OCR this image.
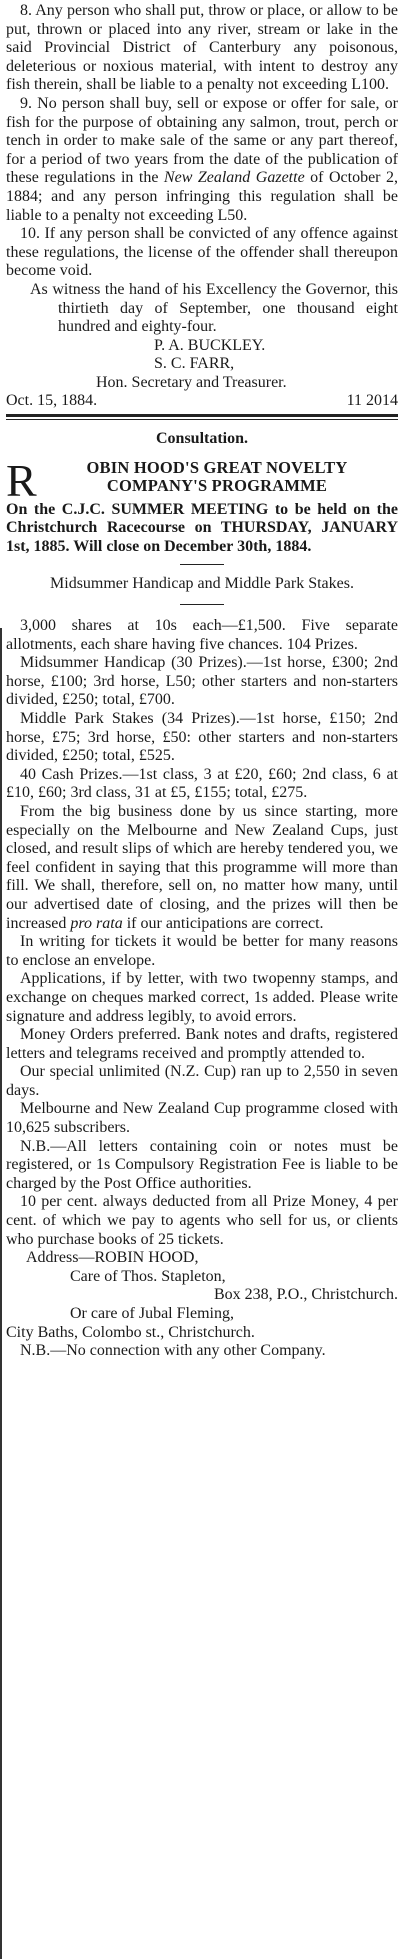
8. Any person who shall put, throw or place, or allow to be put, thrown or placed into any river, stream or lake in the said Provincial District of Canterbury any poisonous, deleterious or noxious material, with intent to destroy any fish therein, shall be liable to a penalty not exceeding L100.

9. No person shall buy, sell or expose or offer for sale, or fish for the purpose of obtaining any salmon, trout, perch or tench in order to make sale of the same or any part thereof, for a period of two years from the date of the publication of these regulations in the New Zealand Gazette of October 2, 1884; and any person infringing this regulation shall be liable to a penalty not exceeding L50.

10. If any person shall be convicted of any offence against these regulations, the license of the offender shall thereupon become void.

As witness the hand of his Excellency the Governor, this thirtieth day of September, one thousand eight hundred and eighty-four.

P. A. BUCKLEY.

S. C. FARR,

Hon. Secretary and Treasurer.

Oct. 15, 1884.	11 2014

Consultation.

R	OBIN HOOD'S GREAT NOVELTY COMPANY'S PROGRAMME

On the C.J.C. SUMMER MEETING to be held on the Christchurch Racecourse on THURSDAY, JANUARY 1st, 1885. Will close on December 30th, 1884.

Midsummer Handicap and Middle Park Stakes.

3,000 shares at 10s each—£1,500. Five separate allotments, each share having five chances. 104 Prizes.

Midsummer Handicap (30 Prizes).—1st horse, £300; 2nd horse, £100; 3rd horse, L50; other starters and non-starters divided, £250; total, £700.

Middle Park Stakes (34 Prizes).—1st horse, £150; 2nd horse, £75; 3rd horse, £50: other starters and non-starters divided, £250; total, £525.

40 Cash Prizes.—1st class, 3 at £20, £60; 2nd class, 6 at £10, £60; 3rd class, 31 at £5, £155; total, £275.

From the big business done by us since starting, more especially on the Melbourne and New Zealand Cups, just closed, and result slips of which are hereby tendered you, we feel confident in saying that this programme will more than fill. We shall, therefore, sell on, no matter how many, until our advertised date of closing, and the prizes will then be increased pro rata if our anticipations are correct.

In writing for tickets it would be better for many reasons to enclose an envelope.

Applications, if by letter, with two twopenny stamps, and exchange on cheques marked correct, 1s added. Please write signature and address legibly, to avoid errors.

Money Orders preferred. Bank notes and drafts, registered letters and telegrams received and promptly attended to.

Our special unlimited (N.Z. Cup) ran up to 2,550 in seven days.

Melbourne and New Zealand Cup programme closed with 10,625 subscribers.

N.B.—All letters containing coin or notes must be registered, or 1s Compulsory Registration Fee is liable to be charged by the Post Office authorities.

10 per cent. always deducted from all Prize Money, 4 per cent. of which we pay to agents who sell for us, or clients who purchase books of 25 tickets.

Address—ROBIN HOOD,

Care of Thos. Stapleton,

Box 238, P.O., Christchurch.

Or care of Jubal Fleming,

City Baths, Colombo st., Christchurch.

N.B.—No connection with any other Company.
